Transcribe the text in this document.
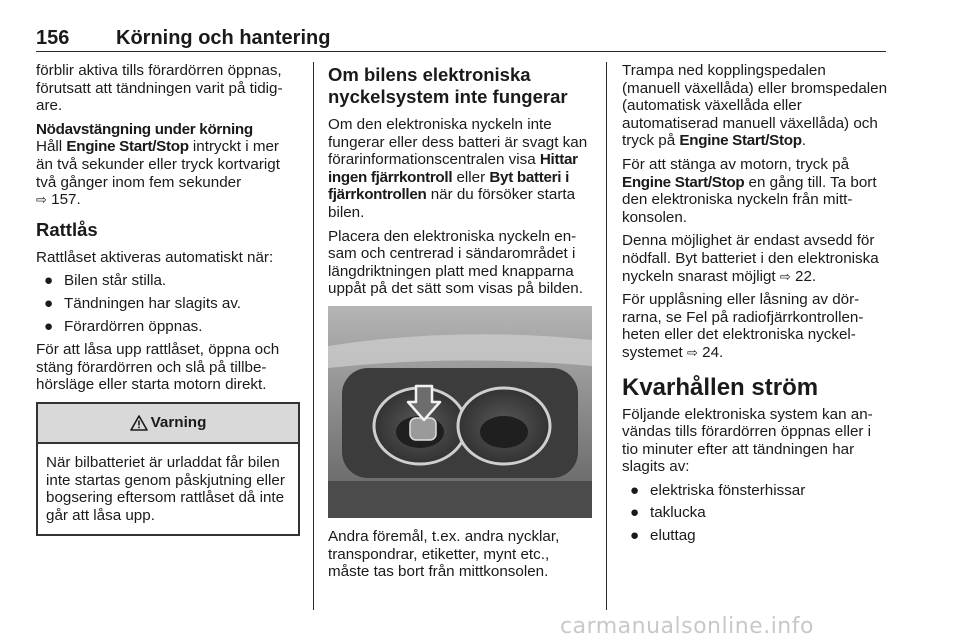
156 Körning och hantering

förblir aktiva tills förardörren öppnas, förutsatt att tändningen varit på tidigare.

Nödavstängning under körning
Håll Engine Start/Stop intryckt i mer än två sekunder eller tryck kortvarigt två gånger inom fem sekunder
⇨ 157.

Rattlås

Rattlåset aktiveras automatiskt när:

● Bilen står stilla.
● Tändningen har slagits av.
● Förardörren öppnas.

För att låsa upp rattlåset, öppna och stäng förardörren och slå på tillbehörsläge eller starta motorn direkt.

Varning
När bilbatteriet är urladdat får bilen inte startas genom påskjutning eller bogsering eftersom rattlåset då inte går att låsa upp.
Om bilens elektroniska nyckelsystem inte fungerar

Om den elektroniska nyckeln inte fungerar eller dess batteri är svagt kan förarinformationscentralen visa Hittar ingen fjärrkontroll eller Byt batteri i fjärrkontrollen när du försöker starta bilen.

Placera den elektroniska nyckeln ensam och centrerad i sändarområdet i längdriktningen platt med knapparna uppåt på det sätt som visas på bilden.

Andra föremål, t.ex. andra nycklar, transpondrar, etiketter, mynt etc., måste tas bort från mittkonsolen.

Trampa ned kopplingspedalen (manuell växellåda) eller bromspedalen (automatisk växellåda eller automatiserad manuell växellåda) och tryck på Engine Start/Stop.

För att stänga av motorn, tryck på Engine Start/Stop en gång till. Ta bort den elektroniska nyckeln från mittkonsolen.

Denna möjlighet är endast avsedd för nödfall. Byt batteriet i den elektroniska nyckeln snarast möjligt ⇨ 22.

För upplåsning eller låsning av dörrarna, se Fel på radiofjärrkontrollenheten eller det elektroniska nyckelsystemet ⇨ 24.

Kvarhållen ström

Följande elektroniska system kan användas tills förardörren öppnas eller i tio minuter efter att tändningen har slagits av:

● elektriska fönsterhissar
● taklucka
● eluttag
carmanualsonline.info
